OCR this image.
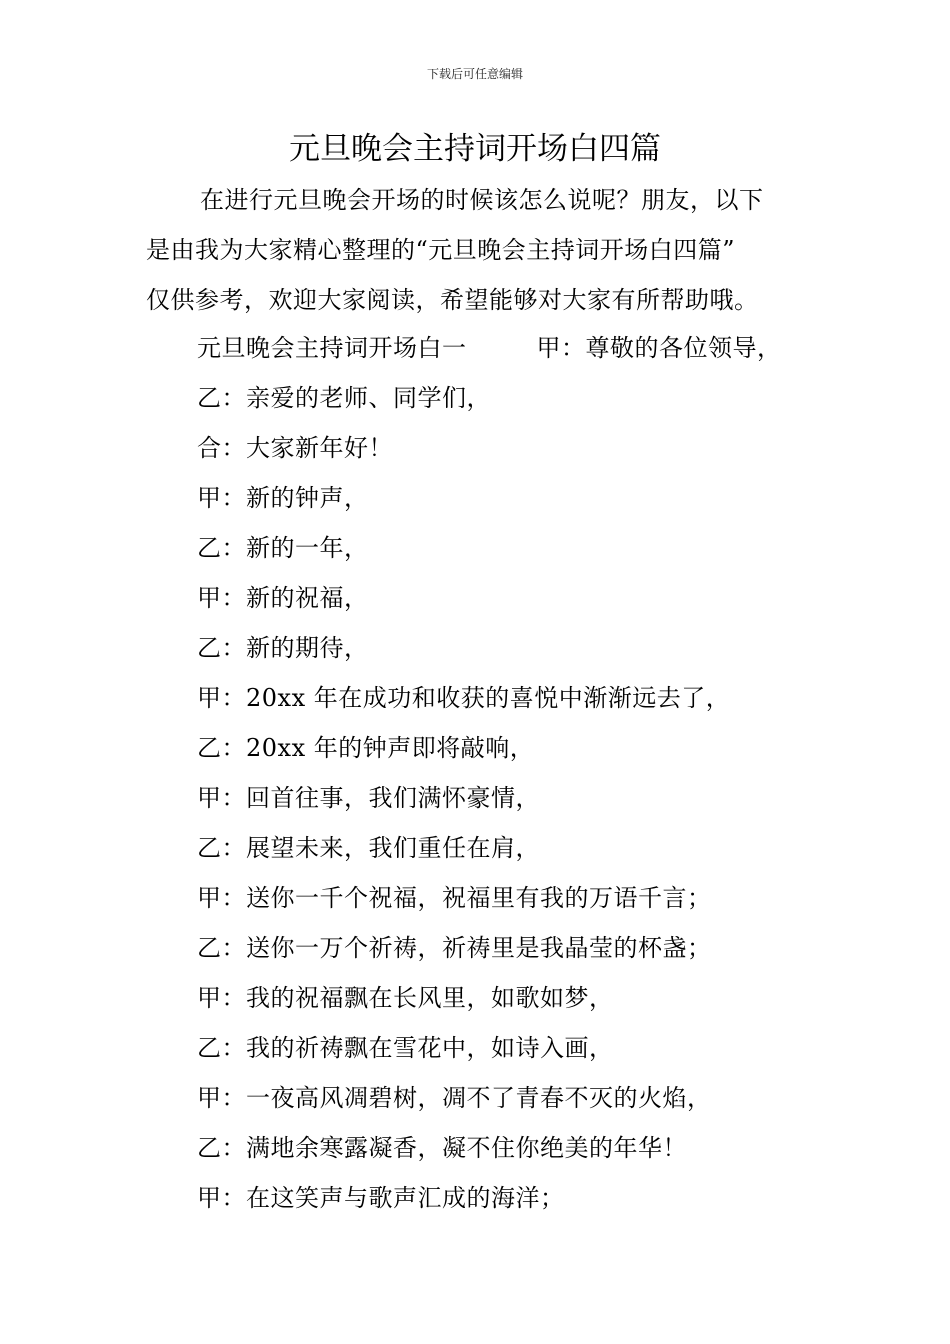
下载后可任意编辑
元旦晚会主持词开场白四篇
在进行元旦晚会开场的时候该怎么说呢？朋友，以下
是由我为大家精心整理的“元旦晚会主持词开场白四篇”
仅供参考，欢迎大家阅读，希望能够对大家有所帮助哦。
元旦晚会主持词开场白一	甲：尊敬的各位领导，
乙：亲爱的老师、同学们，
合：大家新年好！
甲：新的钟声，
乙：新的一年，
甲：新的祝福，
乙：新的期待，
甲：20xx 年在成功和收获的喜悦中渐渐远去了，
乙：20xx 年的钟声即将敲响，
甲：回首往事，我们满怀豪情，
乙：展望未来，我们重任在肩，
甲：送你一千个祝福，祝福里有我的万语千言；
乙：送你一万个祈祷，祈祷里是我晶莹的杯盏；
甲：我的祝福飘在长风里，如歌如梦，
乙：我的祈祷飘在雪花中，如诗入画，
甲：一夜高风凋碧树，凋不了青春不灭的火焰，
乙：满地余寒露凝香，凝不住你绝美的年华！
甲：在这笑声与歌声汇成的海洋；
